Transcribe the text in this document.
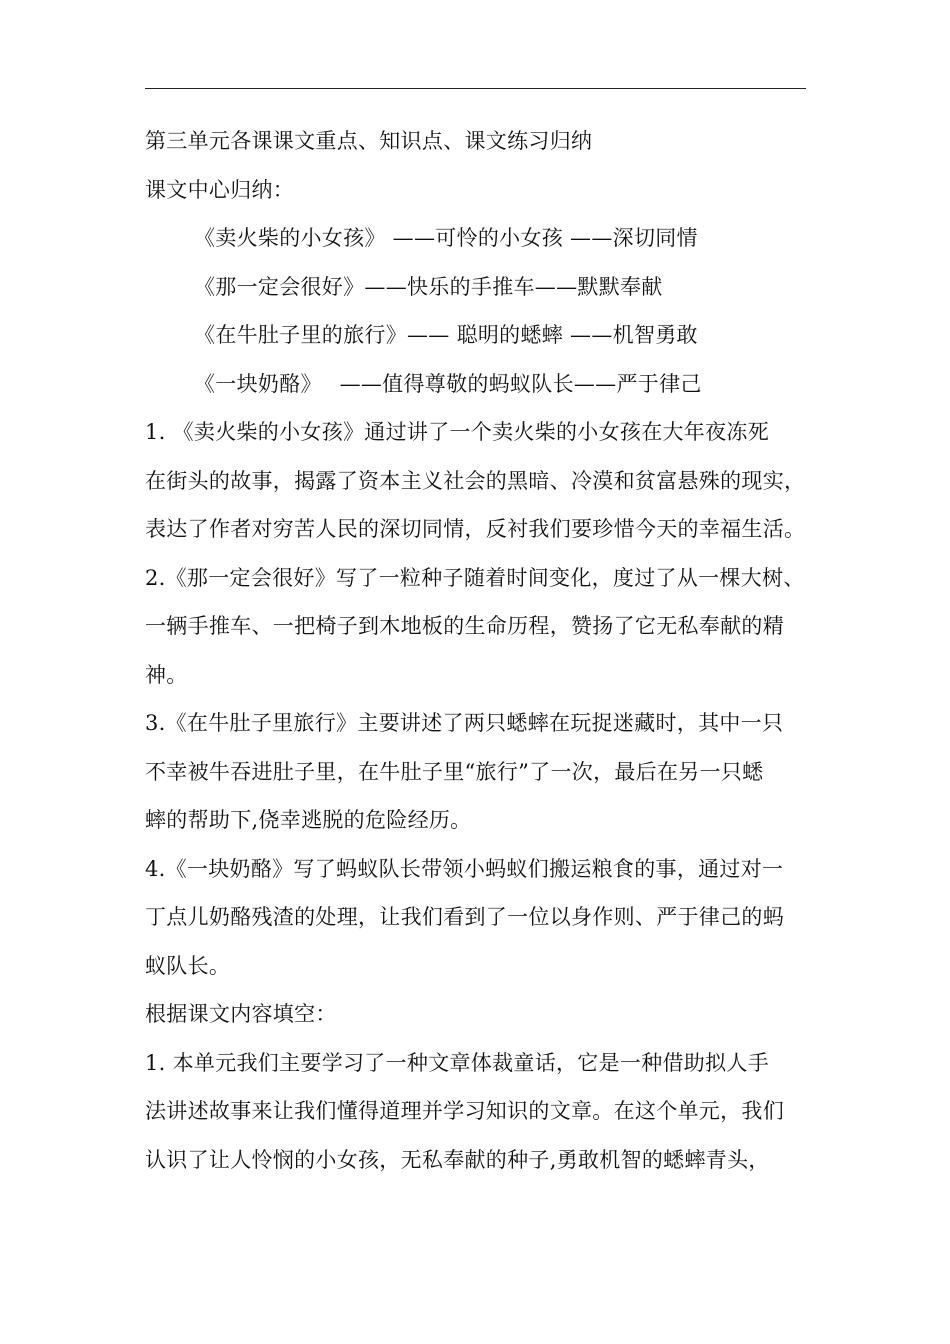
第三单元各课课文重点、知识点、课文练习归纳
课文中心归纳：
《卖火柴的小女孩》 ——可怜的小女孩 ——深切同情
《那一定会很好》——快乐的手推车——默默奉献
《在牛肚子里的旅行》—— 聪明的蟋蟀 ——机智勇敢
《一块奶酪》　 ——值得尊敬的蚂蚁队长——严于律己
1. 《卖火柴的小女孩》通过讲了一个卖火柴的小女孩在大年夜冻死
在街头的故事，揭露了资本主义社会的黑暗、冷漠和贫富悬殊的现实，
表达了作者对穷苦人民的深切同情，反衬我们要珍惜今天的幸福生活。
2.《那一定会很好》写了一粒种子随着时间变化，度过了从一棵大树、
一辆手推车、一把椅子到木地板的生命历程，赞扬了它无私奉献的精
神。
3.《在牛肚子里旅行》主要讲述了两只蟋蟀在玩捉迷藏时，其中一只
不幸被牛吞进肚子里，在牛肚子里“旅行”了一次，最后在另一只蟋
蟀的帮助下,侥幸逃脱的危险经历。
4.《一块奶酪》写了蚂蚁队长带领小蚂蚁们搬运粮食的事，通过对一
丁点儿奶酪残渣的处理，让我们看到了一位以身作则、严于律己的蚂
蚁队长。
根据课文内容填空：
1. 本单元我们主要学习了一种文章体裁童话，它是一种借助拟人手
法讲述故事来让我们懂得道理并学习知识的文章。在这个单元，我们
认识了让人怜悯的小女孩，无私奉献的种子,勇敢机智的蟋蟀青头，
